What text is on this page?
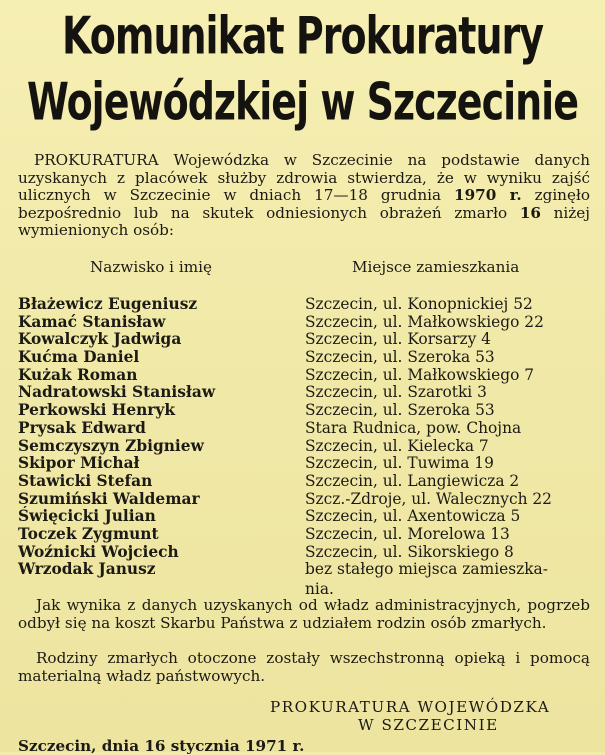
Komunikat Prokuratury
Wojewódzkiej w Szczecinie
PROKURATURA Wojewódzka w Szczecinie na podstawie danych uzyskanych z placówek służby zdrowia stwierdza, że w wyniku zajść ulicznych w Szczecinie w dniach 17—18 grudnia 1970 r. zginęło bezpośrednio lub na skutek odniesionych obrażeń zmarło 16 niżej wymienionych osób:
Nazwisko i imię	Miejsce zamieszkania
Błażewicz Eugeniusz	Szczecin, ul. Konopnickiej 52
Kamać Stanisław	Szczecin, ul. Małkowskiego 22
Kowalczyk Jadwiga	Szczecin, ul. Korsarzy 4
Kućma Daniel	Szczecin, ul. Szeroka 53
Kużak Roman	Szczecin, ul. Małkowskiego 7
Nadratowski Stanisław	Szczecin, ul. Szarotki 3
Perkowski Henryk	Szczecin, ul. Szeroka 53
Prysak Edward	Stara Rudnica, pow. Chojna
Semczyszyn Zbigniew	Szczecin, ul. Kielecka 7
Skipor Michał	Szczecin, ul. Tuwima 19
Stawicki Stefan	Szczecin, ul. Langiewicza 2
Szumiński Waldemar	Szcz.-Zdroje, ul. Walecznych 22
Święcicki Julian	Szczecin, ul. Axentowicza 5
Toczek Zygmunt	Szczecin, ul. Morelowa 13
Woźnicki Wojciech	Szczecin, ul. Sikorskiego 8
Wrzodak Janusz	bez stałego miejsca zamieszka-
nia.
Jak wynika z danych uzyskanych od władz administracyjnych, pogrzeb odbył się na koszt Skarbu Państwa z udziałem rodzin osób zmarłych.
Rodziny zmarłych otoczone zostały wszechstronną opieką i pomocą materialną władz państwowych.
PROKURATURA WOJEWÓDZKA
W SZCZECINIE
Szczecin, dnia 16 stycznia 1971 r.
